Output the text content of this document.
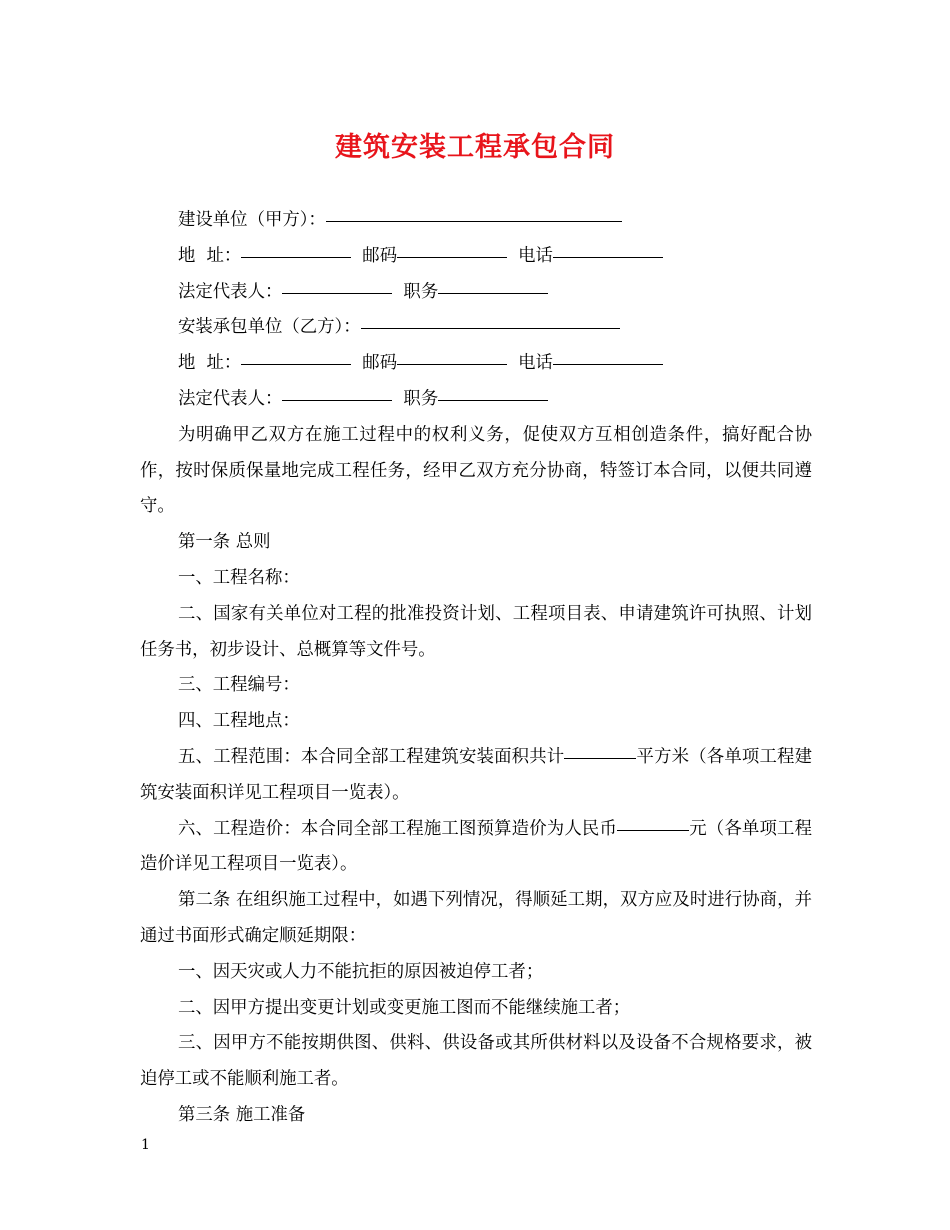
建筑安装工程承包合同
建设单位（甲方）：
地  址：	邮码	电话
法定代表人：	职务
安装承包单位（乙方）：
地  址：	邮码	电话
法定代表人：	职务

为明确甲乙双方在施工过程中的权利义务，促使双方互相创造条件，搞好配合协作，按时保质保量地完成工程任务，经甲乙双方充分协商，特签订本合同，以便共同遵守。

第一条 总则

一、工程名称：

二、国家有关单位对工程的批准投资计划、工程项目表、申请建筑许可执照、计划任务书，初步设计、总概算等文件号。

三、工程编号：

四、工程地点：

五、工程范围：本合同全部工程建筑安装面积共计	平方米（各单项工程建筑安装面积详见工程项目一览表）。

六、工程造价：本合同全部工程施工图预算造价为人民币	元（各单项工程造价详见工程项目一览表）。

第二条 在组织施工过程中，如遇下列情况，得顺延工期，双方应及时进行协商，并通过书面形式确定顺延期限：

一、因天灾或人力不能抗拒的原因被迫停工者；

二、因甲方提出变更计划或变更施工图而不能继续施工者；

三、因甲方不能按期供图、供料、供设备或其所供材料以及设备不合规格要求，被迫停工或不能顺利施工者。

第三条 施工准备

1
